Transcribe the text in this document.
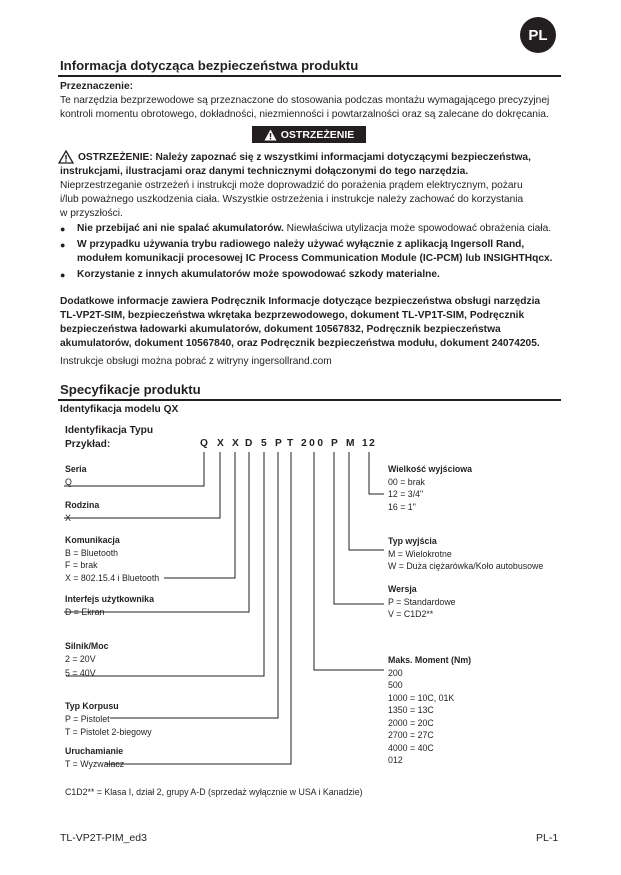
PL
Informacja dotycząca bezpieczeństwa produktu
Przeznaczenie:
Te narzędzia bezprzewodowe są przeznaczone do stosowania podczas montażu wymagającego precyzyjnej
kontroli momentu obrotowego, dokładności, niezmienności i powtarzalności oraz są zalecane do dokręcania.
OSTRZEŻENIE
OSTRZEŻENIE: Należy zapoznać się z wszystkimi informacjami dotyczącymi bezpieczeństwa,
instrukcjami, ilustracjami oraz danymi technicznymi dołączonymi do tego narzędzia.
Nieprzestrzeganie ostrzeżeń i instrukcji może doprowadzić do porażenia prądem elektrycznym, pożaru
i/lub poważnego uszkodzenia ciała. Wszystkie ostrzeżenia i instrukcje należy zachować do korzystania
w przyszłości.
● Nie przebijać ani nie spalać akumulatorów. Niewłaściwa utylizacja może spowodować obrażenia ciała.
● W przypadku używania trybu radiowego należy używać wyłącznie z aplikacją Ingersoll Rand,
modułem komunikacji procesowej IC Process Communication Module (IC-PCM) lub INSIGHTHqcx.
● Korzystanie z innych akumulatorów może spowodować szkody materialne.
Dodatkowe informacje zawiera Podręcznik Informacje dotyczące bezpieczeństwa obsługi narzędzia
TL-VP2T-SIM, bezpieczeństwa wkrętaka bezprzewodowego, dokument TL-VP1T-SIM, Podręcznik
bezpieczeństwa ładowarki akumulatorów, dokument 10567832, Podręcznik bezpieczeństwa
akumulatorów, dokument 10567840, oraz Podręcznik bezpieczeństwa modułu, dokument 24074205.
Instrukcje obsługi można pobrać z witryny ingersollrand.com
Specyfikacje produktu
Identyfikacja modelu QX
Identyfikacja Typu
Przykład:	Q X X D 5 P T 200 P M 12
Seria
Q
Rodzina
X
Komunikacja
B = Bluetooth
F = brak
X = 802.15.4 i Bluetooth
Interfejs użytkownika
D = Ekran
Silnik/Moc
2 = 20V
5 = 40V
Typ Korpusu
P = Pistolet
T = Pistolet 2-biegowy
Uruchamianie
T = Wyzwalacz
Wielkość wyjściowa
00 = brak
12 = 3/4"
16 = 1"
Typ wyjścia
M = Wielokrotne
W = Duża ciężarówka/Koło autobusowe
Wersja
P = Standardowe
V = C1D2**
Maks. Moment (Nm)
200
500
1000 = 10C, 01K
1350 = 13C
2000 = 20C
2700 = 27C
4000 = 40C
012
C1D2** = Klasa I, dział 2, grupy A-D (sprzedaż wyłącznie w USA i Kanadzie)
TL-VP2T-PIM_ed3	PL-1
